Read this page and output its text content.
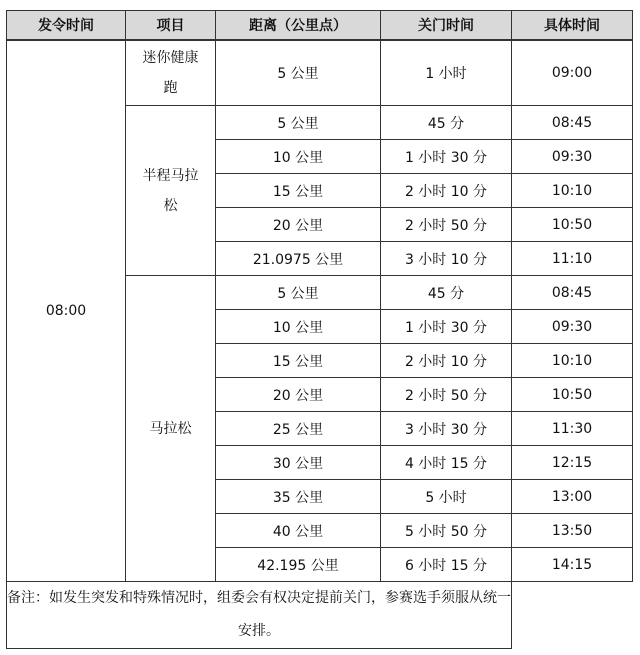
发令时间	项目	距离（公里点）	关门时间	具体时间
08:00	迷你健康跑	5 公里	1 小时	09:00
	半程马拉松	5 公里	45 分	08:45
		10 公里	1 小时 30 分	09:30
		15 公里	2 小时 10 分	10:10
		20 公里	2 小时 50 分	10:50
		21.0975 公里	3 小时 10 分	11:10
	马拉松	5 公里	45 分	08:45
		10 公里	1 小时 30 分	09:30
		15 公里	2 小时 10 分	10:10
		20 公里	2 小时 50 分	10:50
		25 公里	3 小时 30 分	11:30
		30 公里	4 小时 15 分	12:15
		35 公里	5 小时	13:00
		40 公里	5 小时 50 分	13:50
		42.195 公里	6 小时 15 分	14:15
备注：如发生突发和特殊情况时，组委会有权决定提前关门，参赛选手须服从统一安排。				
